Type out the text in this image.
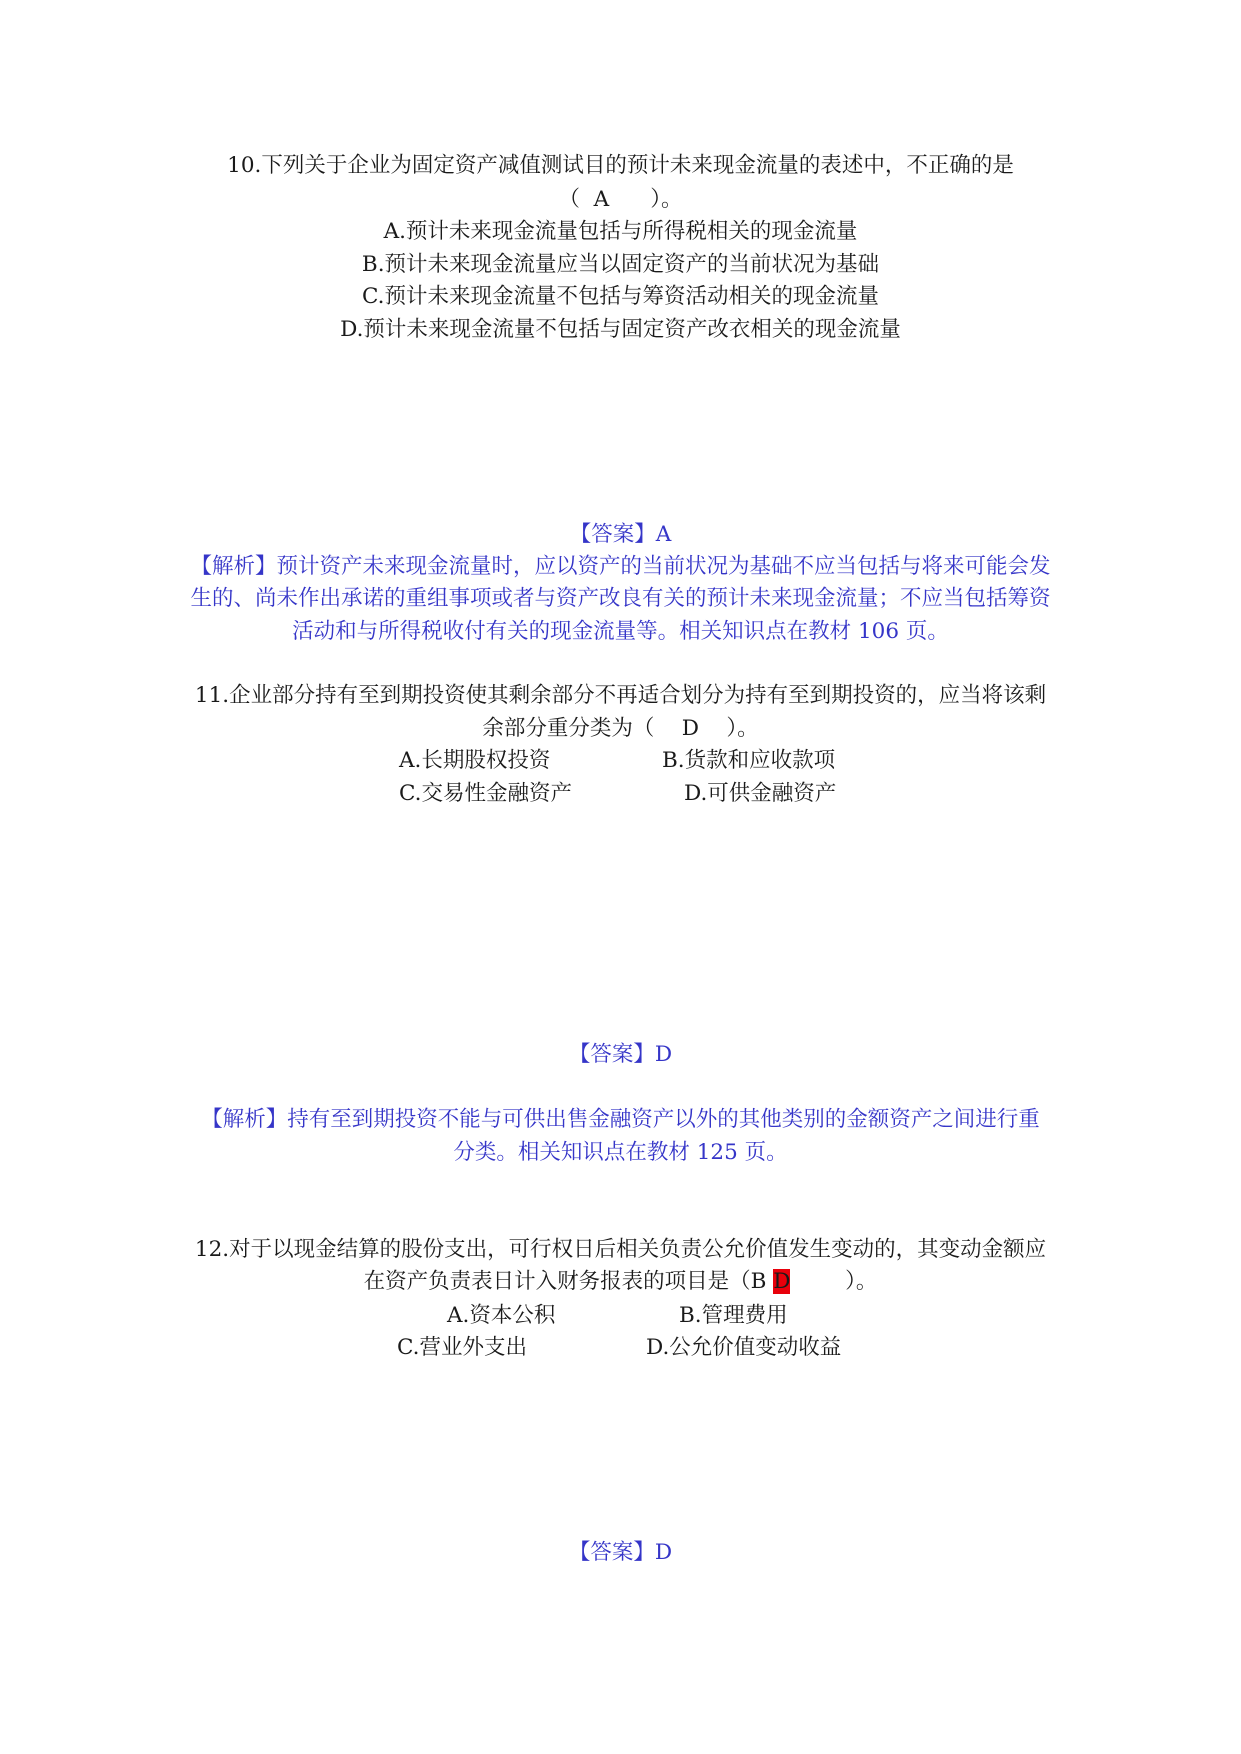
10.下列关于企业为固定资产减值测试目的预计未来现金流量的表述中，不正确的是
（  A      ）。
A.预计未来现金流量包括与所得税相关的现金流量
B.预计未来现金流量应当以固定资产的当前状况为基础
C.预计未来现金流量不包括与筹资活动相关的现金流量
D.预计未来现金流量不包括与固定资产改衣相关的现金流量
【答案】A
【解析】预计资产未来现金流量时，应以资产的当前状况为基础不应当包括与将来可能会发
生的、尚未作出承诺的重组事项或者与资产改良有关的预计未来现金流量；不应当包括筹资
活动和与所得税收付有关的现金流量等。相关知识点在教材 106 页。
11.企业部分持有至到期投资使其剩余部分不再适合划分为持有至到期投资的，应当将该剩
余部分重分类为（    D    ）。
A.长期股权投资	B.货款和应收款项
C.交易性金融资产	D.可供金融资产
【答案】D
【解析】持有至到期投资不能与可供出售金融资产以外的其他类别的金额资产之间进行重
分类。相关知识点在教材 125 页。
12.对于以现金结算的股份支出，可行权日后相关负责公允价值发生变动的，其变动金额应
在资产负责表日计入财务报表的项目是（B D        ）。
A.资本公积	B.管理费用
C.营业外支出	D.公允价值变动收益
【答案】D
